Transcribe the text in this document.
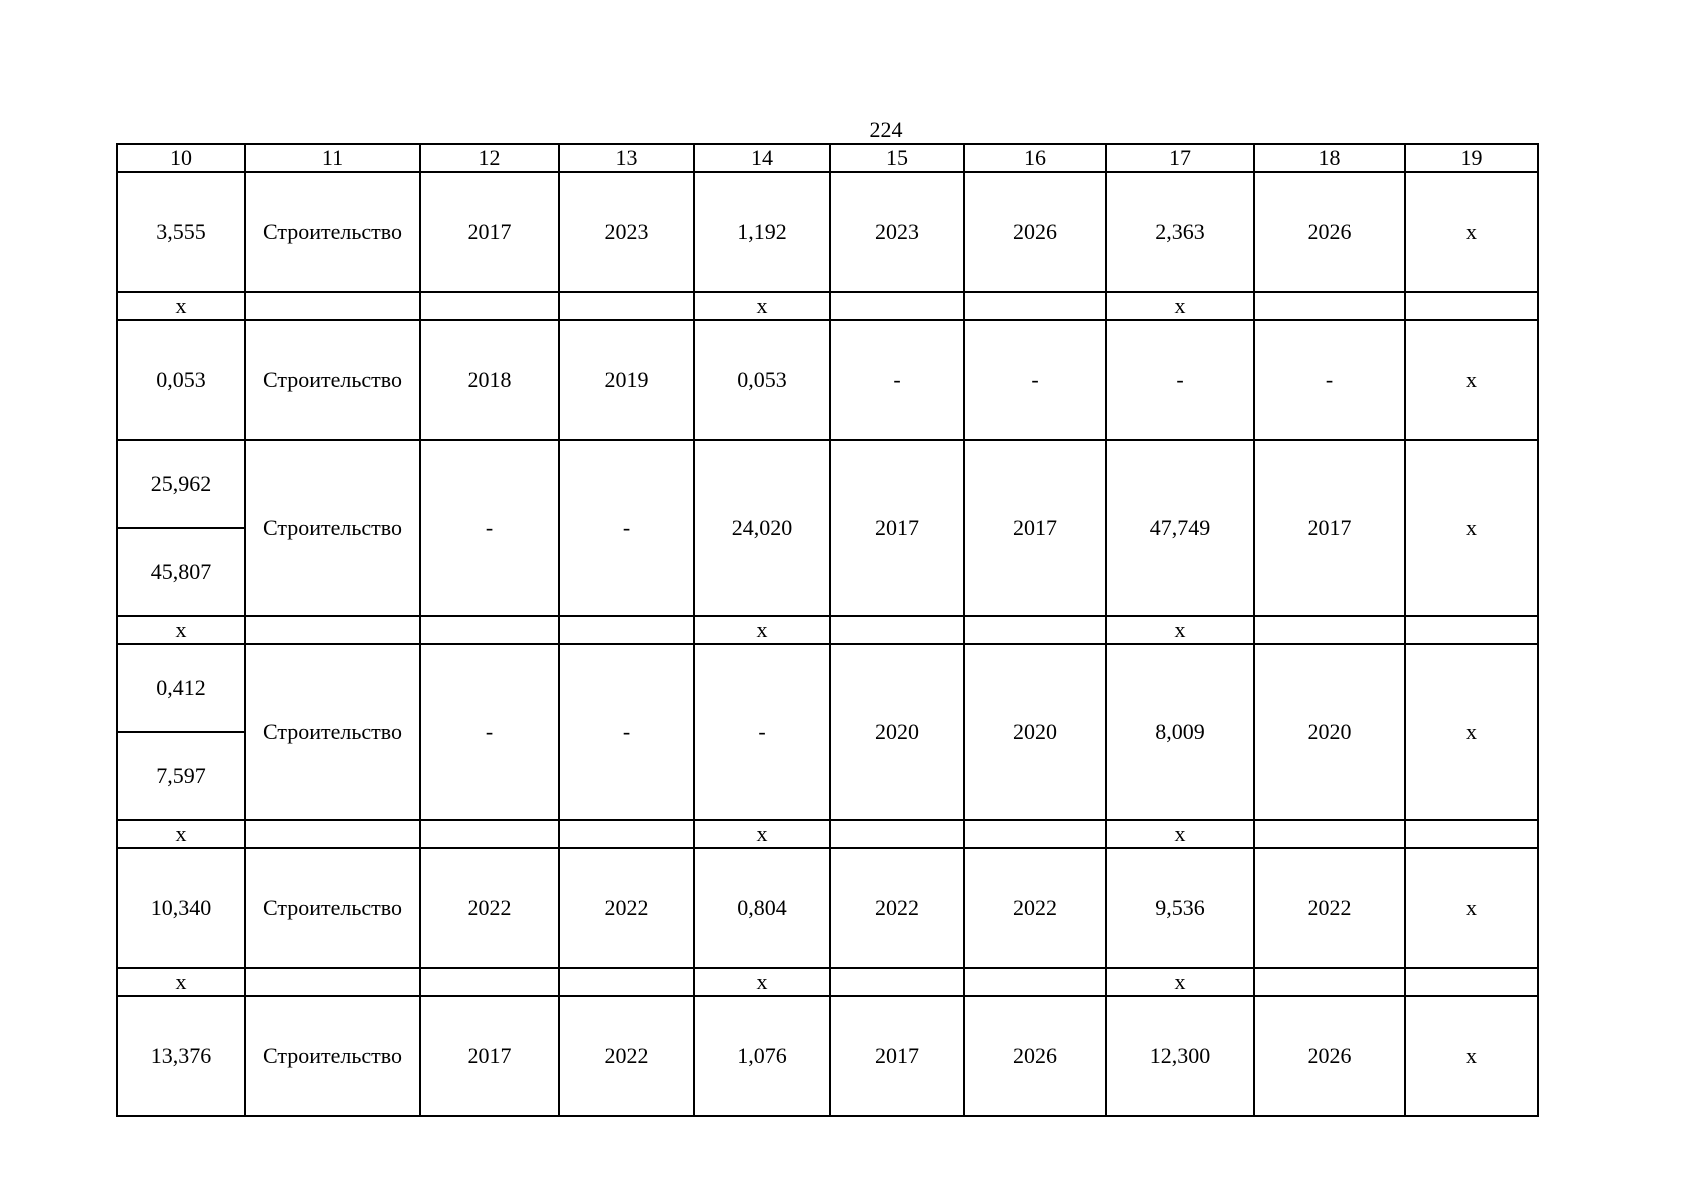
224
10	11	12	13	14	15	16	17	18	19
3,555	Строительство	2017	2023	1,192	2023	2026	2,363	2026	х
х				х			х		
0,053	Строительство	2018	2019	0,053	-	-	-	-	х
25,962	Строительство	-	-	24,020	2017	2017	47,749	2017	х
45,807									
х				х			х		
0,412	Строительство	-	-	-	2020	2020	8,009	2020	х
7,597									
х				х			х		
10,340	Строительство	2022	2022	0,804	2022	2022	9,536	2022	х
х				х			х		
13,376	Строительство	2017	2022	1,076	2017	2026	12,300	2026	х
